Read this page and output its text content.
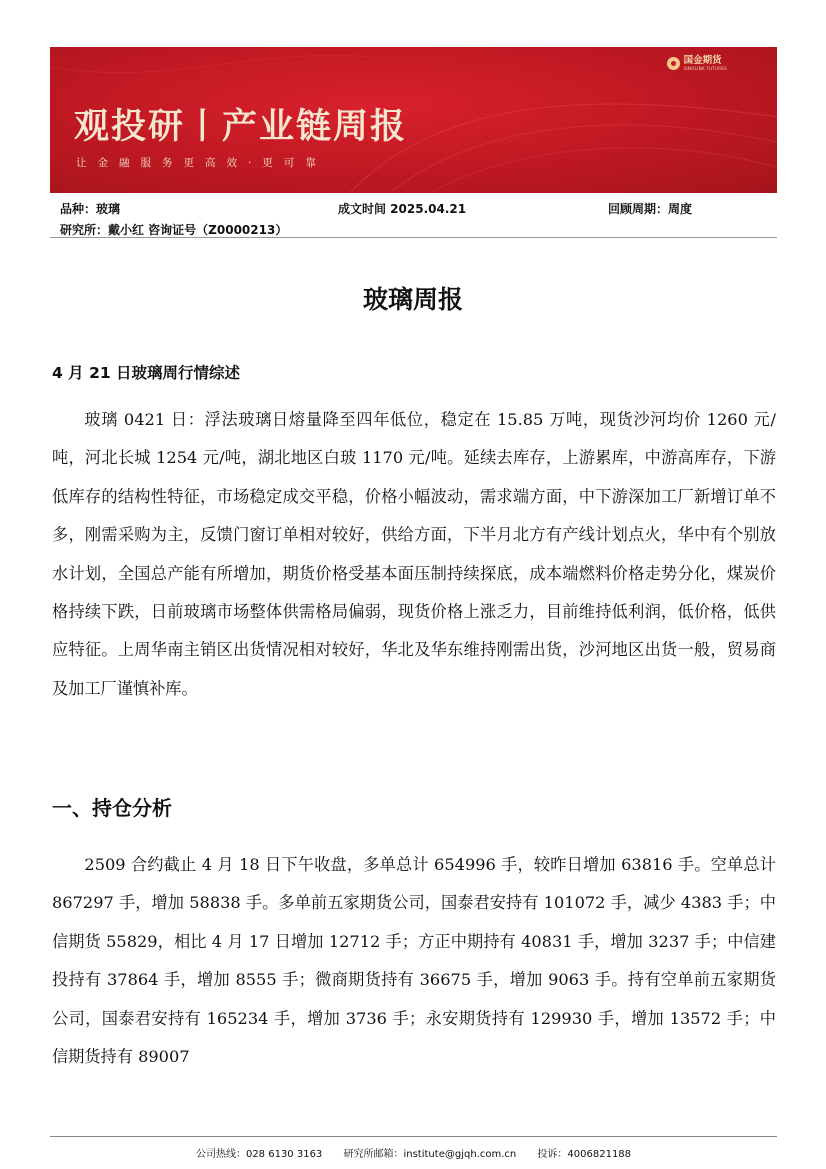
国金期货
SINOLINK FUTURES
观投研丨产业链周报
让金融服务更高效·更可靠
品种：玻璃	成文时间 2025.04.21	回顾周期：周度
研究所：戴小红 咨询证号（Z0000213）
玻璃周报
4 月 21 日玻璃周行情综述
玻璃 0421 日：浮法玻璃日熔量降至四年低位，稳定在 15.85 万吨，现货沙河均价 1260 元/吨，河北长城 1254 元/吨，湖北地区白玻 1170 元/吨。延续去库存，上游累库，中游高库存，下游低库存的结构性特征，市场稳定成交平稳，价格小幅波动，需求端方面，中下游深加工厂新增订单不多，刚需采购为主，反馈门窗订单相对较好，供给方面，下半月北方有产线计划点火，华中有个别放水计划，全国总产能有所增加，期货价格受基本面压制持续探底，成本端燃料价格走势分化，煤炭价格持续下跌，日前玻璃市场整体供需格局偏弱，现货价格上涨乏力，目前维持低利润，低价格，低供应特征。上周华南主销区出货情况相对较好，华北及华东维持刚需出货，沙河地区出货一般，贸易商及加工厂谨慎补库。
一、持仓分析
2509 合约截止 4 月 18 日下午收盘，多单总计 654996 手，较昨日增加 63816 手。空单总计 867297 手，增加 58838 手。多单前五家期货公司，国泰君安持有 101072 手，减少 4383 手；中信期货 55829，相比 4 月 17 日增加 12712 手；方正中期持有 40831 手，增加 3237 手；中信建投持有 37864 手，增加 8555 手；微商期货持有 36675 手，增加 9063 手。持有空单前五家期货公司，国泰君安持有 165234 手，增加 3736 手；永安期货持有 129930 手，增加 13572 手；中信期货持有 89007
公司热线：028 6130 3163 研究所邮箱：institute@gjqh.com.cn 投诉：4006821188
